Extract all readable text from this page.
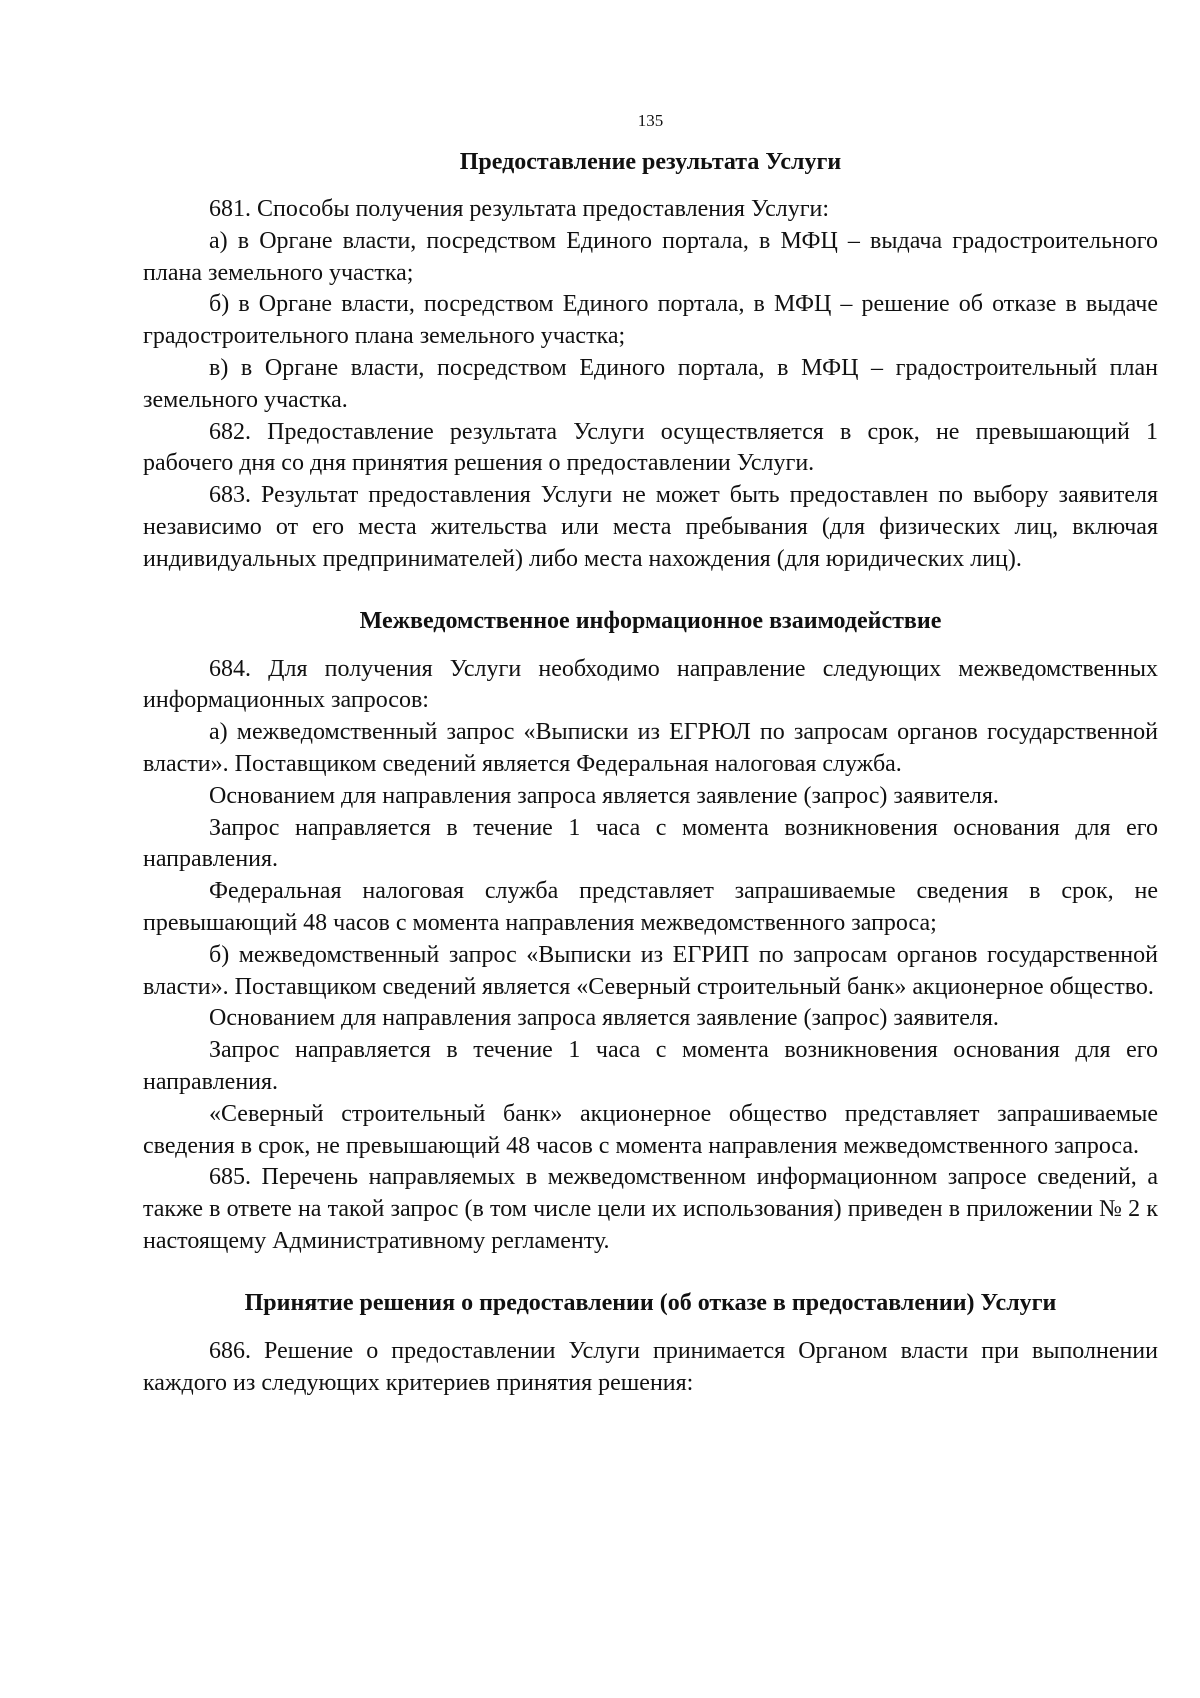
135
Предоставление результата Услуги

681. Способы получения результата предоставления Услуги:

а) в Органе власти, посредством Единого портала, в МФЦ – выдача градостроительного плана земельного участка;

б) в Органе власти, посредством Единого портала, в МФЦ – решение об отказе в выдаче градостроительного плана земельного участка;

в) в Органе власти, посредством Единого портала, в МФЦ – градостроительный план земельного участка.

682. Предоставление результата Услуги осуществляется в срок, не превышающий 1 рабочего дня со дня принятия решения о предоставлении Услуги.

683. Результат предоставления Услуги не может быть предоставлен по выбору заявителя независимо от его места жительства или места пребывания (для физических лиц, включая индивидуальных предпринимателей) либо места нахождения (для юридических лиц).

Межведомственное информационное взаимодействие

684. Для получения Услуги необходимо направление следующих межведомственных информационных запросов:

а) межведомственный запрос «Выписки из ЕГРЮЛ по запросам органов государственной власти». Поставщиком сведений является Федеральная налоговая служба.

Основанием для направления запроса является заявление (запрос) заявителя.

Запрос направляется в течение 1 часа с момента возникновения основания для его направления.

Федеральная налоговая служба представляет запрашиваемые сведения в срок, не превышающий 48 часов с момента направления межведомственного запроса;

б) межведомственный запрос «Выписки из ЕГРИП по запросам органов государственной власти». Поставщиком сведений является «Северный строительный банк» акционерное общество.

Основанием для направления запроса является заявление (запрос) заявителя.

Запрос направляется в течение 1 часа с момента возникновения основания для его направления.

«Северный строительный банк» акционерное общество представляет запрашиваемые сведения в срок, не превышающий 48 часов с момента направления межведомственного запроса.

685. Перечень направляемых в межведомственном информационном запросе сведений, а также в ответе на такой запрос (в том числе цели их использования) приведен в приложении № 2 к настоящему Административному регламенту.

Принятие решения о предоставлении (об отказе в предоставлении) Услуги

686. Решение о предоставлении Услуги принимается Органом власти при выполнении каждого из следующих критериев принятия решения:
